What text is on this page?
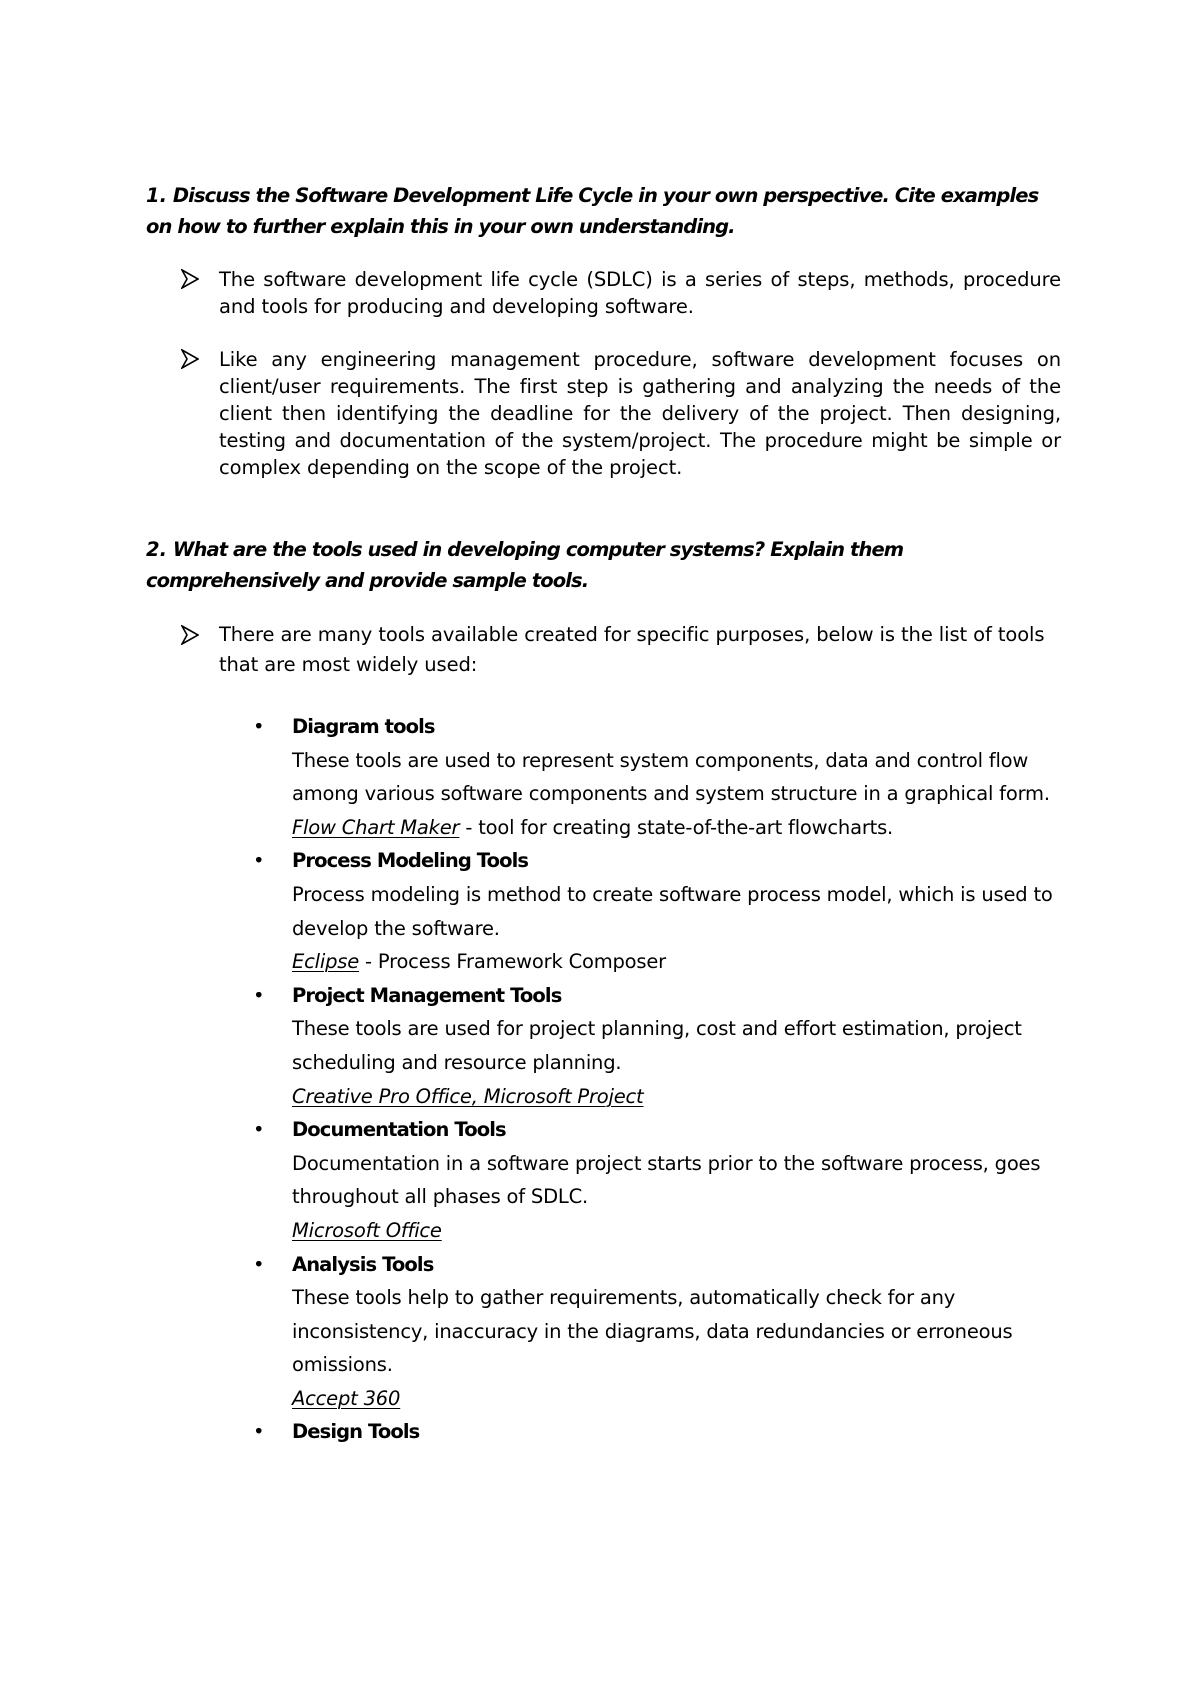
1. Discuss the Software Development Life Cycle in your own perspective. Cite examples on how to further explain this in your own understanding.

The software development life cycle (SDLC) is a series of steps, methods, procedure and tools for producing and developing software.
Like any engineering management procedure, software development focuses on client/user requirements. The first step is gathering and analyzing the needs of the client then identifying the deadline for the delivery of the project. Then designing, testing and documentation of the system/project. The procedure might be simple or complex depending on the scope of the project.

2. What are the tools used in developing computer systems? Explain them comprehensively and provide sample tools.

There are many tools available created for specific purposes, below is the list of tools that are most widely used:
• Diagram tools
These tools are used to represent system components, data and control flow among various software components and system structure in a graphical form.
Flow Chart Maker - tool for creating state-of-the-art flowcharts.
• Process Modeling Tools
Process modeling is method to create software process model, which is used to develop the software.
Eclipse - Process Framework Composer
• Project Management Tools
These tools are used for project planning, cost and effort estimation, project scheduling and resource planning.
Creative Pro Office, Microsoft Project
• Documentation Tools
Documentation in a software project starts prior to the software process, goes throughout all phases of SDLC.
Microsoft Office
• Analysis Tools
These tools help to gather requirements, automatically check for any inconsistency, inaccuracy in the diagrams, data redundancies or erroneous omissions.
Accept 360
• Design Tools
